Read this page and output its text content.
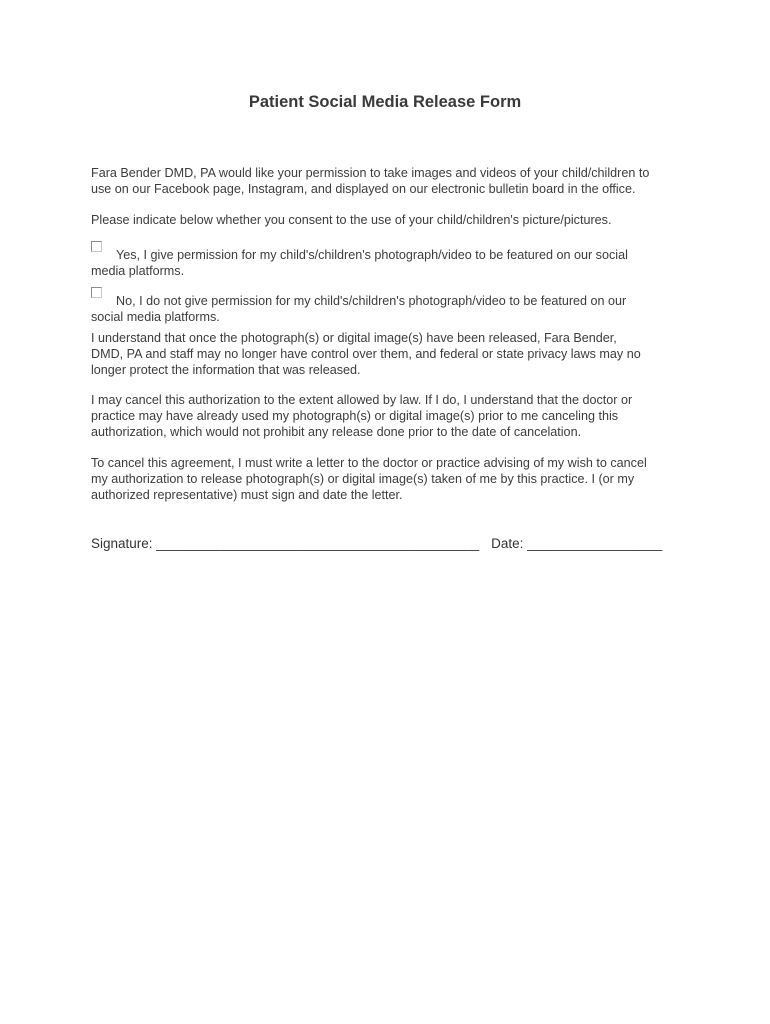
Patient Social Media Release Form

Fara Bender DMD, PA would like your permission to take images and videos of your child/children to
use on our Facebook page, Instagram, and displayed on our electronic bulletin board in the office.

Please indicate below whether you consent to the use of your child/children's picture/pictures.

Yes, I give permission for my child's/children's photograph/video to be featured on our social
media platforms.
No, I do not give permission for my child's/children's photograph/video to be featured on our
social media platforms.

I understand that once the photograph(s) or digital image(s) have been released, Fara Bender,
DMD, PA and staff may no longer have control over them, and federal or state privacy laws may no
longer protect the information that was released.

I may cancel this authorization to the extent allowed by law. If I do, I understand that the doctor or
practice may have already used my photograph(s) or digital image(s) prior to me canceling this
authorization, which would not prohibit any release done prior to the date of cancelation.

To cancel this agreement, I must write a letter to the doctor or practice advising of my wish to cancel
my authorization to release photograph(s) or digital image(s) taken of me by this practice. I (or my
authorized representative) must sign and date the letter.

Signature: ___________________________________________ Date: __________________
